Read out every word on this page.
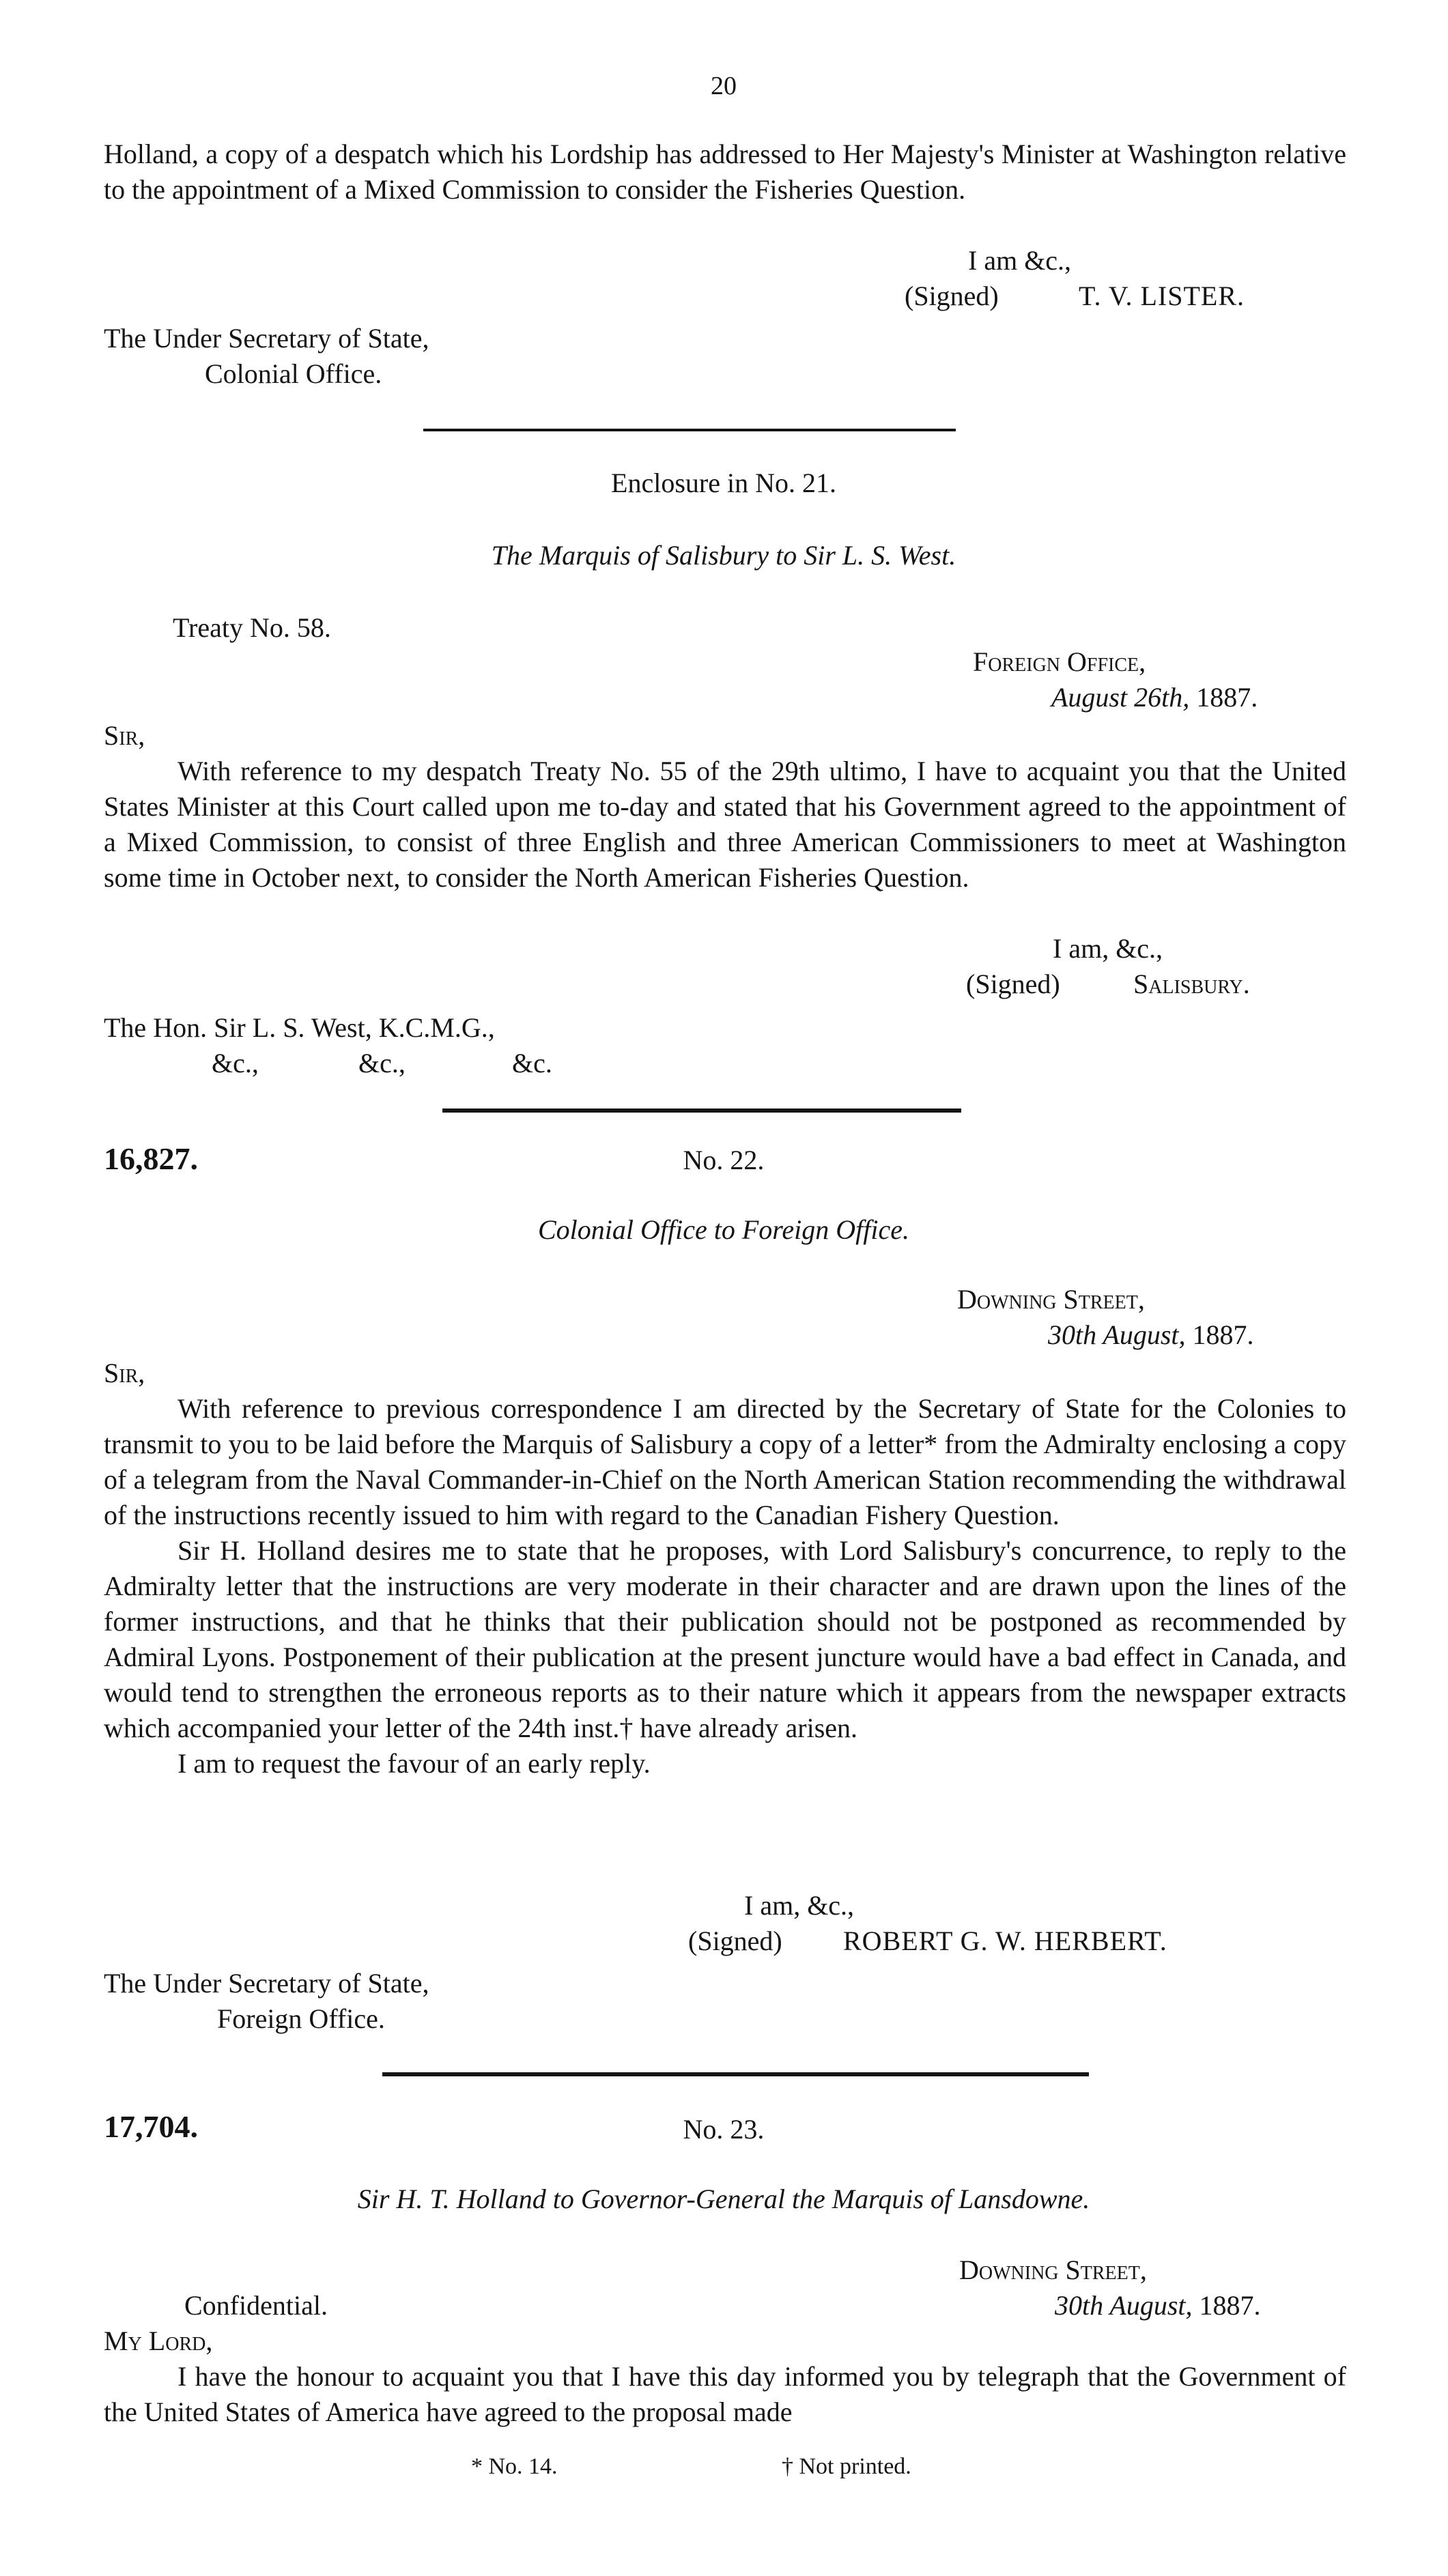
20

Holland, a copy of a despatch which his Lordship has addressed to Her Majesty's Minister at Washington relative to the appointment of a Mixed Commission to consider the Fisheries Question.

I am &c.,
(Signed)	T. V. LISTER.
The Under Secretary of State,
Colonial Office.
Enclosure in No. 21.
The Marquis of Salisbury to Sir L. S. West.
Treaty No. 58.
Foreign Office,
August 26th, 1887.
Sir,

With reference to my despatch Treaty No. 55 of the 29th ultimo, I have to acquaint you that the United States Minister at this Court called upon me to-day and stated that his Government agreed to the appointment of a Mixed Commission, to consist of three English and three American Commissioners to meet at Washington some time in October next, to consider the North American Fisheries Question.

I am, &c.,
(Signed)	Salisbury.
The Hon. Sir L. S. West, K.C.M.G.,
&c.,	&c.,	&c.
16,827.	No. 22.
Colonial Office to Foreign Office.
Downing Street,
30th August, 1887.
Sir,

With reference to previous correspondence I am directed by the Secretary of State for the Colonies to transmit to you to be laid before the Marquis of Salisbury a copy of a letter* from the Admiralty enclosing a copy of a telegram from the Naval Commander-in-Chief on the North American Station recommending the withdrawal of the instructions recently issued to him with regard to the Canadian Fishery Question.

Sir H. Holland desires me to state that he proposes, with Lord Salisbury's concurrence, to reply to the Admiralty letter that the instructions are very moderate in their character and are drawn upon the lines of the former instructions, and that he thinks that their publication should not be postponed as recommended by Admiral Lyons. Postponement of their publication at the present juncture would have a bad effect in Canada, and would tend to strengthen the erroneous reports as to their nature which it appears from the newspaper extracts which accompanied your letter of the 24th inst.† have already arisen.

I am to request the favour of an early reply.

I am, &c.,
(Signed) ROBERT G. W. HERBERT.
The Under Secretary of State,
Foreign Office.
17,704.	No. 23.
Sir H. T. Holland to Governor-General the Marquis of Lansdowne.
Downing Street,
Confidential.	30th August, 1887.
My Lord,

I have the honour to acquaint you that I have this day informed you by telegraph that the Government of the United States of America have agreed to the proposal made

* No. 14.	† Not printed.
